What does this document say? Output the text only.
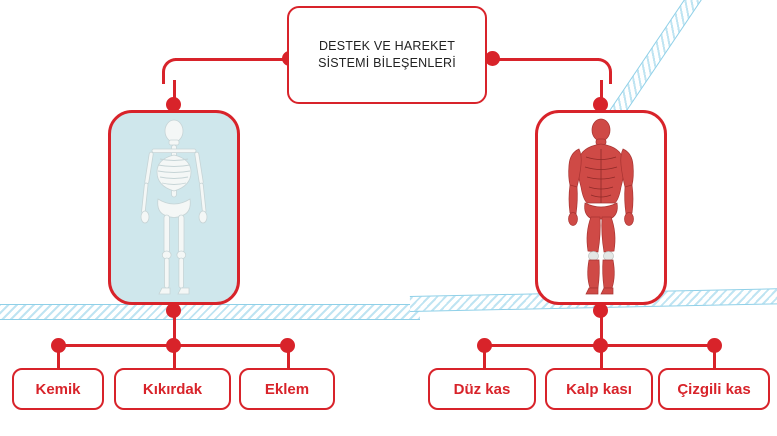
DESTEK VE HAREKET SİSTEMİ BİLEŞENLERİ
Kemik	Kıkırdak	Eklem	Düz kas	Kalp kası	Çizgili kas
